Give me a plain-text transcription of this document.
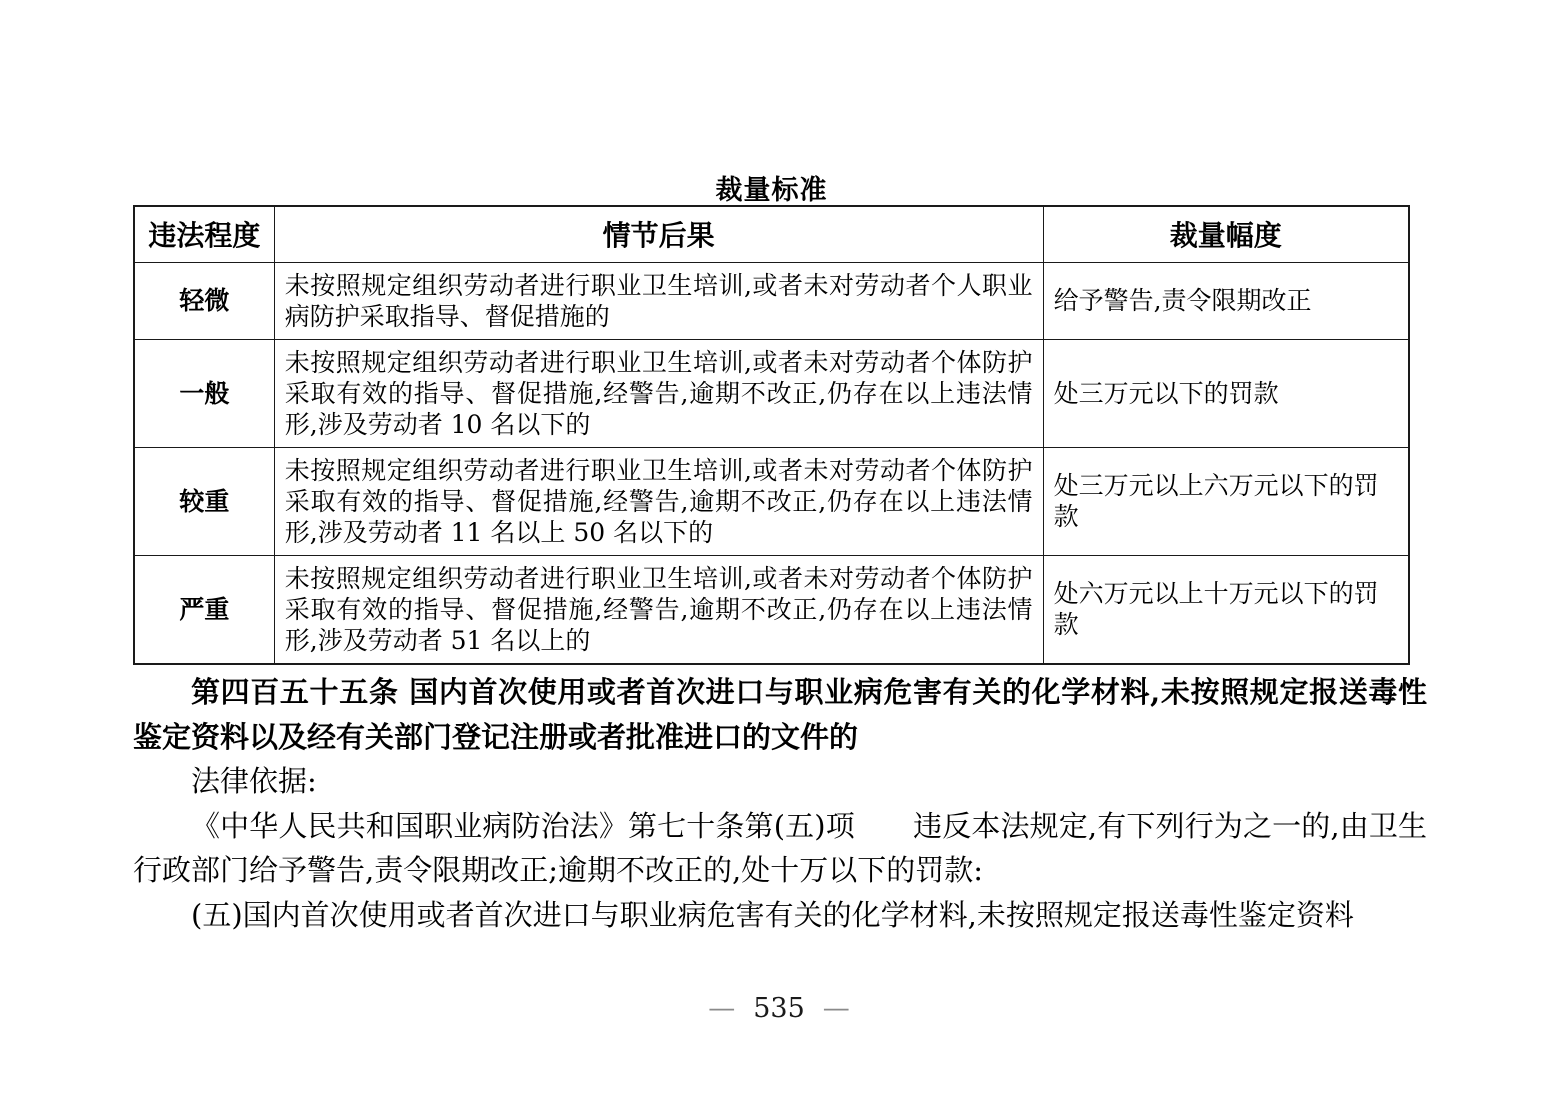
裁量标准
违法程度	情节后果	裁量幅度
轻微	未按照规定组织劳动者进行职业卫生培训,或者未对劳动者个人职业病防护采取指导、督促措施的	给予警告,责令限期改正
一般	未按照规定组织劳动者进行职业卫生培训,或者未对劳动者个体防护采取有效的指导、督促措施,经警告,逾期不改正,仍存在以上违法情形,涉及劳动者 10 名以下的	处三万元以下的罚款
较重	未按照规定组织劳动者进行职业卫生培训,或者未对劳动者个体防护采取有效的指导、督促措施,经警告,逾期不改正,仍存在以上违法情形,涉及劳动者 11 名以上 50 名以下的	处三万元以上六万元以下的罚款
严重	未按照规定组织劳动者进行职业卫生培训,或者未对劳动者个体防护采取有效的指导、督促措施,经警告,逾期不改正,仍存在以上违法情形,涉及劳动者 51 名以上的	处六万元以上十万元以下的罚款

第四百五十五条 国内首次使用或者首次进口与职业病危害有关的化学材料,未按照规定报送毒性鉴定资料以及经有关部门登记注册或者批准进口的文件的

法律依据:

《中华人民共和国职业病防治法》第七十条第(五)项　　违反本法规定,有下列行为之一的,由卫生行政部门给予警告,责令限期改正;逾期不改正的,处十万以下的罚款:

(五)国内首次使用或者首次进口与职业病危害有关的化学材料,未按照规定报送毒性鉴定资料

— 535 —
